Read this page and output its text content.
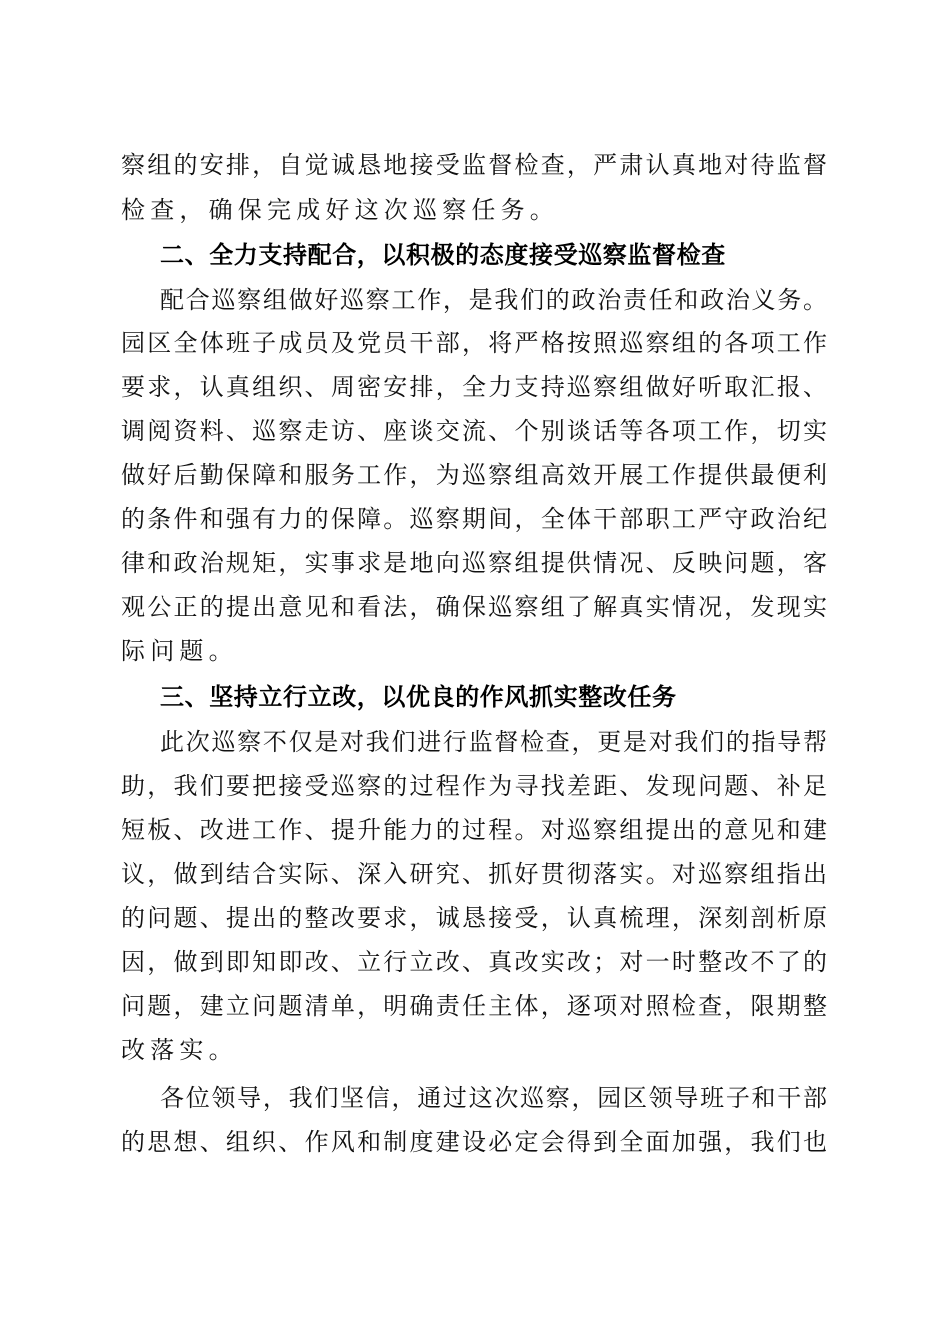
察组的安排，自觉诚恳地接受监督检查，严肃认真地对待监督
检查，确保完成好这次巡察任务。
二、全力支持配合，以积极的态度接受巡察监督检查
配合巡察组做好巡察工作，是我们的政治责任和政治义务。
园区全体班子成员及党员干部，将严格按照巡察组的各项工作
要求，认真组织、周密安排，全力支持巡察组做好听取汇报、
调阅资料、巡察走访、座谈交流、个别谈话等各项工作，切实
做好后勤保障和服务工作，为巡察组高效开展工作提供最便利
的条件和强有力的保障。巡察期间，全体干部职工严守政治纪
律和政治规矩，实事求是地向巡察组提供情况、反映问题，客
观公正的提出意见和看法，确保巡察组了解真实情况，发现实
际问题。
三、坚持立行立改，以优良的作风抓实整改任务
此次巡察不仅是对我们进行监督检查，更是对我们的指导帮
助，我们要把接受巡察的过程作为寻找差距、发现问题、补足
短板、改进工作、提升能力的过程。对巡察组提出的意见和建
议，做到结合实际、深入研究、抓好贯彻落实。对巡察组指出
的问题、提出的整改要求，诚恳接受，认真梳理，深刻剖析原
因，做到即知即改、立行立改、真改实改；对一时整改不了的
问题，建立问题清单，明确责任主体，逐项对照检查，限期整
改落实。
各位领导，我们坚信，通过这次巡察，园区领导班子和干部
的思想、组织、作风和制度建设必定会得到全面加强，我们也
